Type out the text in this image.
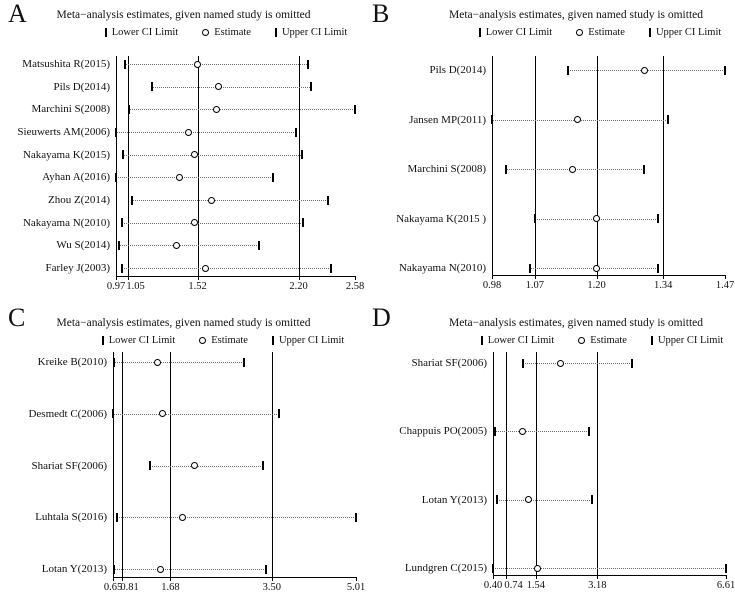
A	Meta−analysis estimates, given named study is omitted
Lower CI Limit	Estimate	Upper CI Limit
0.97 1.05	1.52	2.20	2.58
Matsushita R(2015)
Pils D(2014)
Marchini S(2008)
Sieuwerts AM(2006)
Nakayama K(2015)
Ayhan A(2016)
Zhou Z(2014)
Nakayama N(2010)
Wu S(2014)
Farley J(2003)
B	Meta−analysis estimates, given named study is omitted
Lower CI Limit	Estimate	Upper CI Limit
0.98 1.07	1.20	1.34	1.47
Pils D(2014)
Jansen MP(2011)
Marchini S(2008)
Nakayama K(2015 )
Nakayama N(2010)
C	Meta−analysis estimates, given named study is omitted
Lower CI Limit	Estimate	Upper CI Limit
0.65
0.81 1.68	3.50	5.01
Kreike B(2010)
Desmedt C(2006)
Shariat SF(2006)
Luhtala S(2016)
Lotan Y(2013)
D	Meta−analysis estimates, given named study is omitted
Lower CI Limit	Estimate	Upper CI Limit
0.40 0.74 1.54	3.18	6.61
Shariat SF(2006)
Chappuis PO(2005)
Lotan Y(2013)
Lundgren C(2015)
